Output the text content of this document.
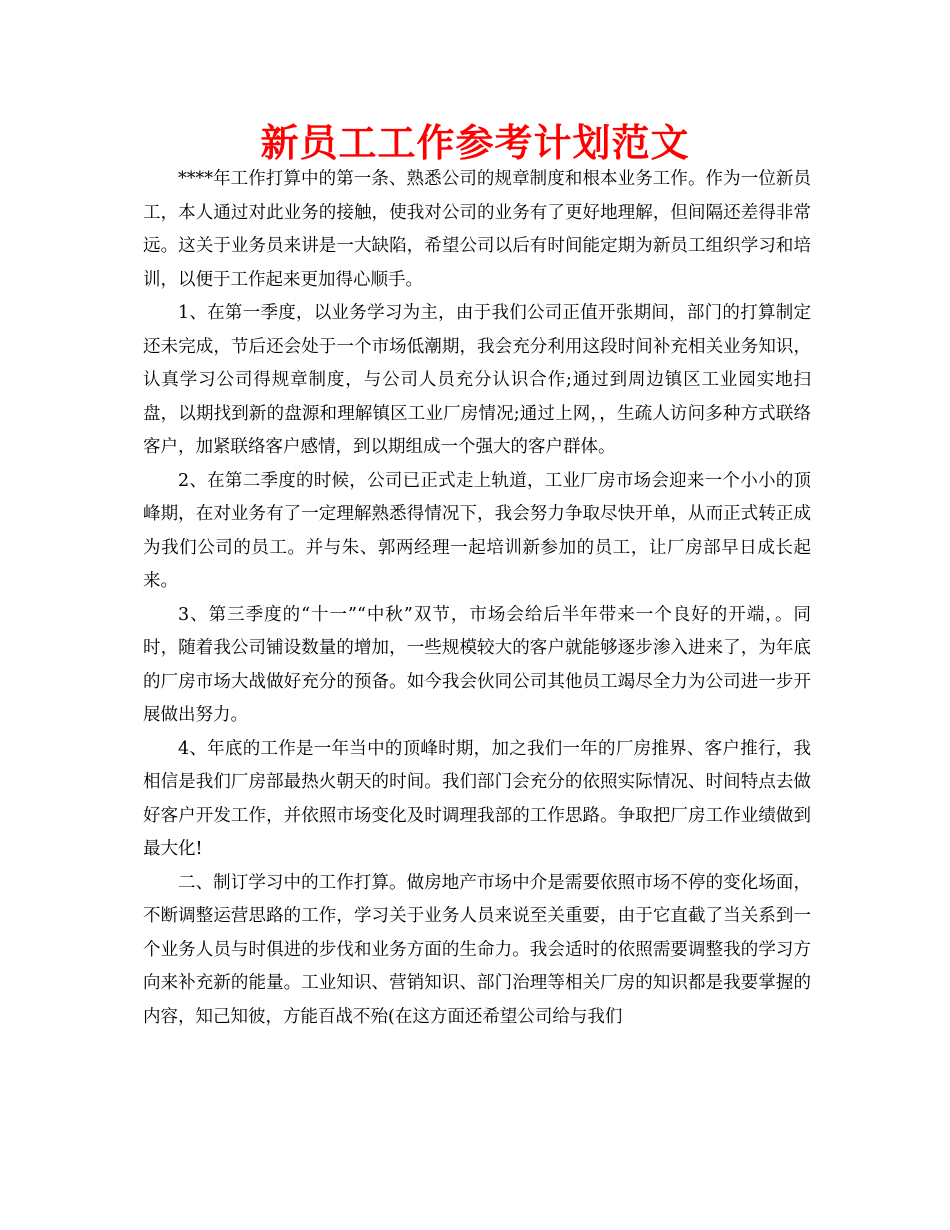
新员工工作参考计划范文

****年工作打算中的第一条、熟悉公司的规章制度和根本业务工作。作为一位新员工，本人通过对此业务的接触，使我对公司的业务有了更好地理解，但间隔还差得非常远。这关于业务员来讲是一大缺陷，希望公司以后有时间能定期为新员工组织学习和培训，以便于工作起来更加得心顺手。

1、在第一季度，以业务学习为主，由于我们公司正值开张期间，部门的打算制定还未完成，节后还会处于一个市场低潮期，我会充分利用这段时间补充相关业务知识，认真学习公司得规章制度，与公司人员充分认识合作;通过到周边镇区工业园实地扫盘，以期找到新的盘源和理解镇区工业厂房情况;通过上网，，生疏人访问多种方式联络客户，加紧联络客户感情，到以期组成一个强大的客户群体。

2、在第二季度的时候，公司已正式走上轨道，工业厂房市场会迎来一个小小的顶峰期，在对业务有了一定理解熟悉得情况下，我会努力争取尽快开单，从而正式转正成为我们公司的员工。并与朱、郭两经理一起培训新参加的员工，让厂房部早日成长起来。

3、第三季度的“十一”“中秋”双节，市场会给后半年带来一个良好的开端，。同时，随着我公司铺设数量的增加，一些规模较大的客户就能够逐步渗入进来了，为年底的厂房市场大战做好充分的预备。如今我会伙同公司其他员工竭尽全力为公司进一步开展做出努力。

4、年底的工作是一年当中的顶峰时期，加之我们一年的厂房推界、客户推行，我相信是我们厂房部最热火朝天的时间。我们部门会充分的依照实际情况、时间特点去做好客户开发工作，并依照市场变化及时调理我部的工作思路。争取把厂房工作业绩做到最大化!

二、制订学习中的工作打算。做房地产市场中介是需要依照市场不停的变化场面，不断调整运营思路的工作，学习关于业务人员来说至关重要，由于它直截了当关系到一个业务人员与时俱进的步伐和业务方面的生命力。我会适时的依照需要调整我的学习方向来补充新的能量。工业知识、营销知识、部门治理等相关厂房的知识都是我要掌握的内容，知己知彼，方能百战不殆(在这方面还希望公司给与我们
